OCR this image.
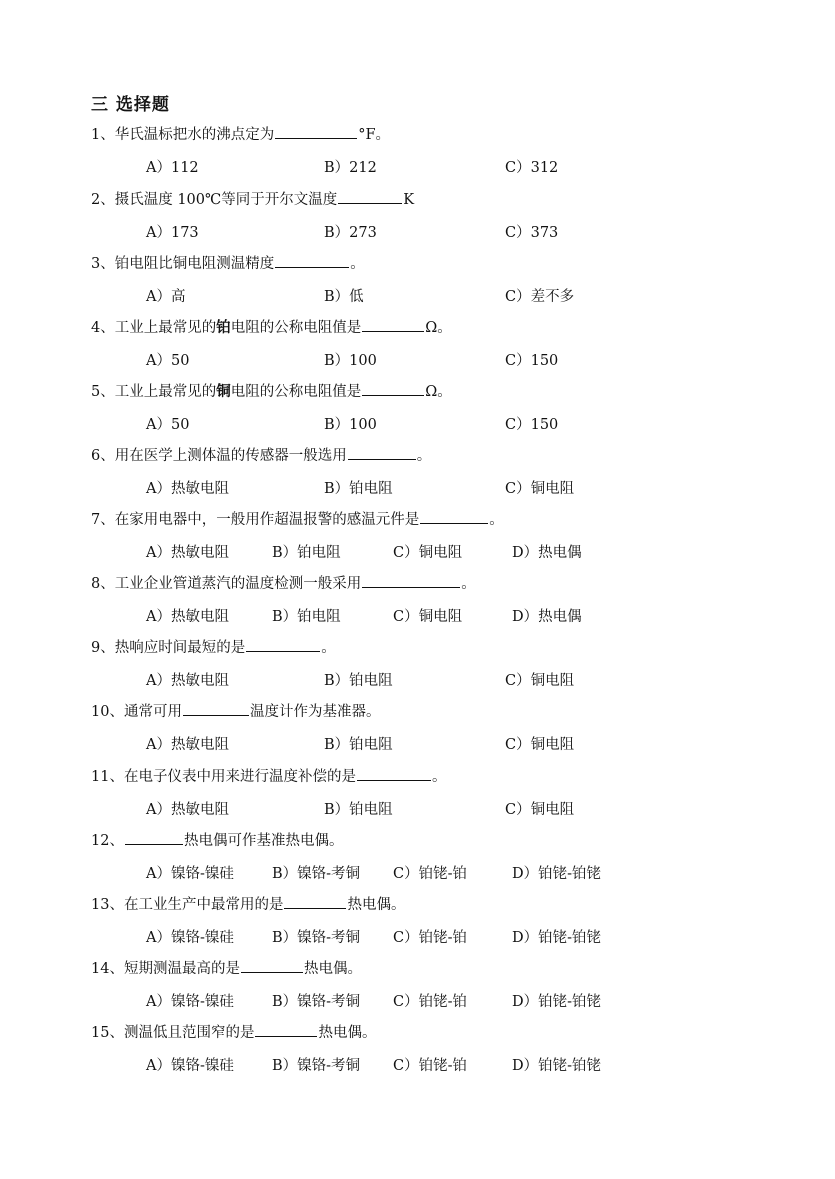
三 选择题
1、华氏温标把水的沸点定为	°F。
A）112	B）212	C）312
2、摄氏温度 100℃等同于开尔文温度	K
A）173	B）273	C）373
3、铂电阻比铜电阻测温精度	。
A）高	B）低	C）差不多
4、工业上最常见的铂电阻的公称电阻值是	Ω。
A）50	B）100	C）150
5、工业上最常见的铜电阻的公称电阻值是	Ω。
A）50	B）100	C）150
6、用在医学上测体温的传感器一般选用	。
A）热敏电阻	B）铂电阻	C）铜电阻
7、在家用电器中，一般用作超温报警的感温元件是	。
A）热敏电阻	B）铂电阻	C）铜电阻	D）热电偶
8、工业企业管道蒸汽的温度检测一般采用	。
A）热敏电阻	B）铂电阻	C）铜电阻	D）热电偶
9、热响应时间最短的是	。
A）热敏电阻	B）铂电阻	C）铜电阻
10、通常可用	温度计作为基准器。
A）热敏电阻	B）铂电阻	C）铜电阻
11、在电子仪表中用来进行温度补偿的是	。
A）热敏电阻	B）铂电阻	C）铜电阻
12、	热电偶可作基准热电偶。
A）镍铬-镍硅	B）镍铬-考铜 C）铂铑-铂	D）铂铑-铂铑
13、在工业生产中最常用的是	热电偶。
A）镍铬-镍硅	B）镍铬-考铜 C）铂铑-铂	D）铂铑-铂铑
14、短期测温最高的是	热电偶。
A）镍铬-镍硅	B）镍铬-考铜 C）铂铑-铂	D）铂铑-铂铑
15、测温低且范围窄的是	热电偶。
A）镍铬-镍硅	B）镍铬-考铜 C）铂铑-铂	D）铂铑-铂铑
